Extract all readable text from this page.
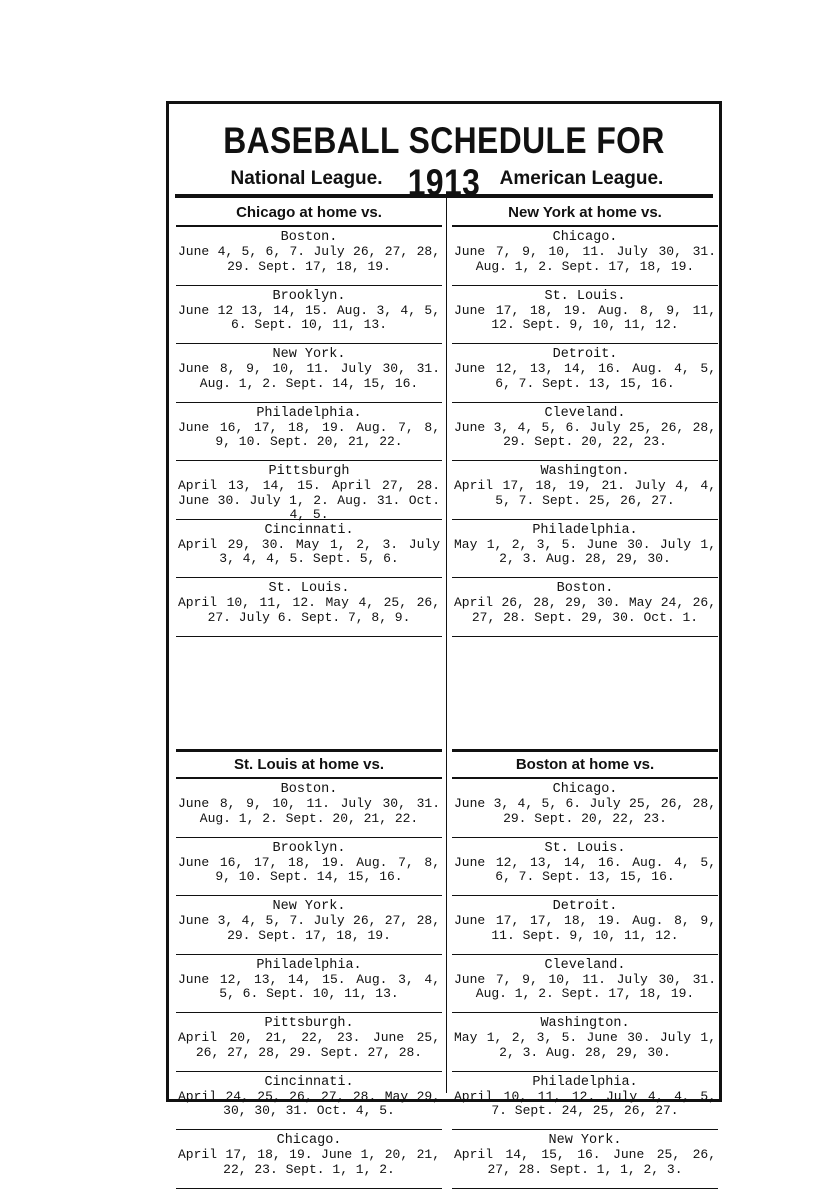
BASEBALL SCHEDULE FOR 1913
National League.	American League.
Chicago at home vs.
Boston.
June 4, 5, 6, 7. July 26, 27, 28, 29. Sept. 17, 18, 19.
Brooklyn.
June 12 13, 14, 15. Aug. 3, 4, 5, 6. Sept. 10, 11, 13.
New York.
June 8, 9, 10, 11. July 30, 31. Aug. 1, 2. Sept. 14, 15, 16.
Philadelphia.
June 16, 17, 18, 19. Aug. 7, 8, 9, 10. Sept. 20, 21, 22.
Pittsburgh
April 13, 14, 15. April 27, 28. June 30. July 1, 2. Aug. 31. Oct. 4, 5.
Cincinnati.
April 29, 30. May 1, 2, 3. July 3, 4, 4, 5. Sept. 5, 6.
St. Louis.
April 10, 11, 12. May 4, 25, 26, 27. July 6. Sept. 7, 8, 9.
St. Louis at home vs.
Boston.
June 8, 9, 10, 11. July 30, 31. Aug. 1, 2. Sept. 20, 21, 22.
Brooklyn.
June 16, 17, 18, 19. Aug. 7, 8, 9, 10. Sept. 14, 15, 16.
New York.
June 3, 4, 5, 7. July 26, 27, 28, 29. Sept. 17, 18, 19.
Philadelphia.
June 12, 13, 14, 15. Aug. 3, 4, 5, 6. Sept. 10, 11, 13.
Pittsburgh.
April 20, 21, 22, 23. June 25, 26, 27, 28, 29. Sept. 27, 28.
Cincinnati.
April 24, 25, 26, 27, 28. May 29, 30, 30, 31. Oct. 4, 5.
Chicago.
April 17, 18, 19. June 1, 20, 21, 22, 23. Sept. 1, 1, 2.
New York at home vs.
Chicago.
June 7, 9, 10, 11. July 30, 31. Aug. 1, 2. Sept. 17, 18, 19.
St. Louis.
June 17, 18, 19. Aug. 8, 9, 11, 12. Sept. 9, 10, 11, 12.
Detroit.
June 12, 13, 14, 16. Aug. 4, 5, 6, 7. Sept. 13, 15, 16.
Cleveland.
June 3, 4, 5, 6. July 25, 26, 28, 29. Sept. 20, 22, 23.
Washington.
April 17, 18, 19, 21. July 4, 4, 5, 7. Sept. 25, 26, 27.
Philadelphia.
May 1, 2, 3, 5. June 30. July 1, 2, 3. Aug. 28, 29, 30.
Boston.
April 26, 28, 29, 30. May 24, 26, 27, 28. Sept. 29, 30. Oct. 1.
Boston at home vs.
Chicago.
June 3, 4, 5, 6. July 25, 26, 28, 29. Sept. 20, 22, 23.
St. Louis.
June 12, 13, 14, 16. Aug. 4, 5, 6, 7. Sept. 13, 15, 16.
Detroit.
June 17, 17, 18, 19. Aug. 8, 9, 11. Sept. 9, 10, 11, 12.
Cleveland.
June 7, 9, 10, 11. July 30, 31. Aug. 1, 2. Sept. 17, 18, 19.
Washington.
May 1, 2, 3, 5. June 30. July 1, 2, 3. Aug. 28, 29, 30.
Philadelphia.
April 10, 11, 12. July 4, 4, 5, 7. Sept. 24, 25, 26, 27.
New York.
April 14, 15, 16. June 25, 26, 27, 28. Sept. 1, 1, 2, 3.
